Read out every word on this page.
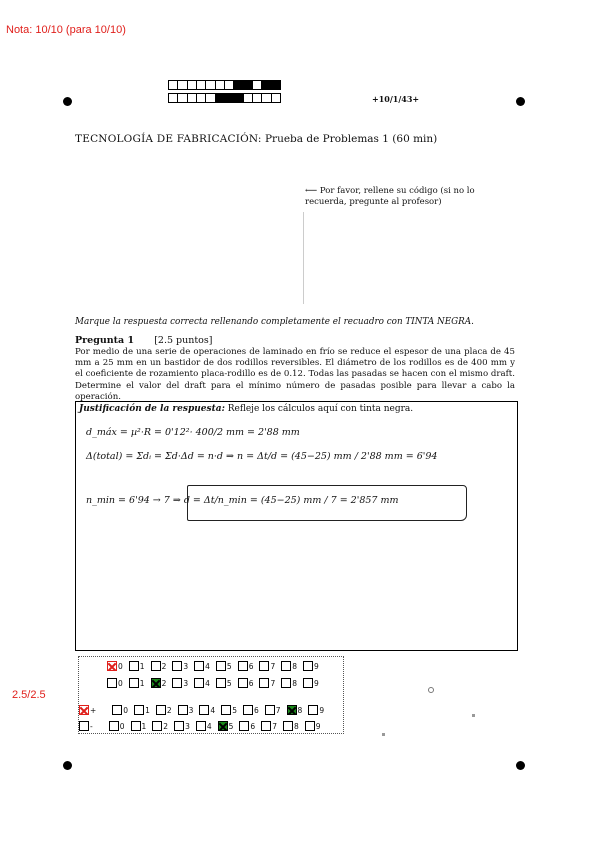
Nota: 10/10 (para 10/10)
+10/1/43+
TECNOLOGÍA DE FABRICACIÓN: Prueba de Problemas 1 (60 min)
⟵ Por favor, rellene su código (si no lo recuerda, pregunte al profesor)
Marque la respuesta correcta rellenando completamente el recuadro con TINTA NEGRA.
Pregunta 1 [2.5 puntos]
Por medio de una serie de operaciones de laminado en frío se reduce el espesor de una placa de 45 mm a 25 mm en un bastidor de dos rodillos reversibles. El diámetro de los rodillos es de 400 mm y el coeficiente de rozamiento placa-rodillo es de 0.12. Todas las pasadas se hacen con el mismo draft. Determine el valor del draft para el mínimo número de pasadas posible para llevar a cabo la operación.
Justificación de la respuesta: Refleje los cálculos aquí con tinta negra.
d_máx = µ²·R = 0'12²· 400/2 mm = 2'88 mm
Δ(total) = Σdᵢ = Σd·Δd = n·d ⇒ n = Δt/d = (45−25) mm / 2'88 mm = 6'94
n_min = 6'94 → 7 ⇒ d = Δt/n_min = (45−25) mm / 7 = 2'857 mm
2.5/2.5
0 1 2 3 4 5 6 7 8 9
0 1 2 3 4 5 6 7 8 9
+	0 1 2 3 4 5 6 7 8 9
-	0 1 2 3 4 5 6 7 8 9
